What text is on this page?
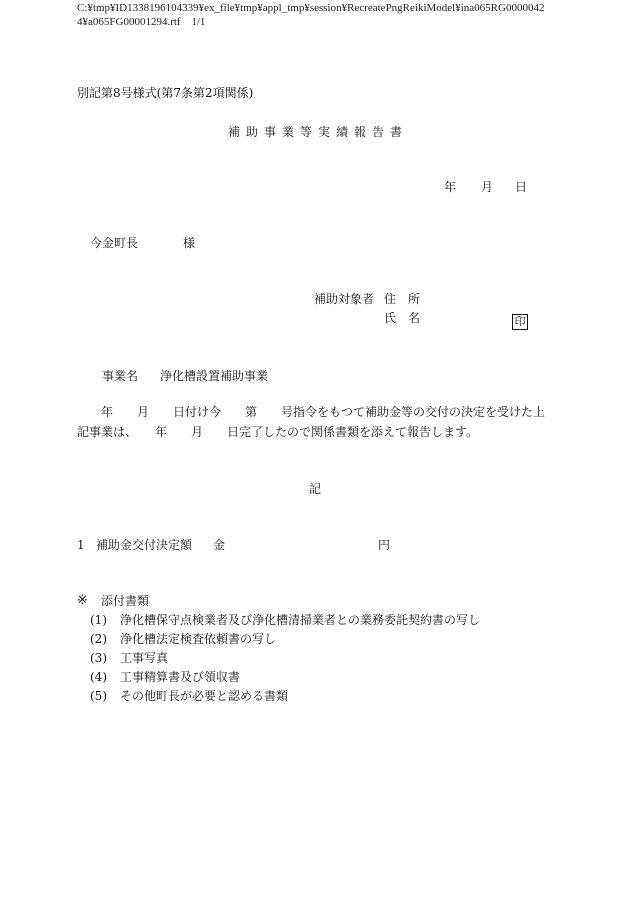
C:¥tmp¥ID1338196104339¥ex_file¥tmp¥appl_tmp¥session¥RecreatePngReikiModel¥ina065RG0000042
4¥a065FG00001294.rtf 1/1
別記第8号様式(第7条第2項関係)
補助事業等実績報告書
年 月 日
今金町長	様
補助対象者 住　所
氏　名	印
事業名 浄化槽設置補助事業
　　年　　月　　日付け今　　第　　号指令をもつて補助金等の交付の決定を受けた上
記事業は、　　年　　月　　日完了したので関係書類を添えて報告します。
記
1 補助金交付決定額 金	円
※ 添付書類
(1) 浄化槽保守点検業者及び浄化槽清掃業者との業務委託契約書の写し
(2) 浄化槽法定検査依頼書の写し
(3) 工事写真
(4) 工事精算書及び領収書
(5) その他町長が必要と認める書類
